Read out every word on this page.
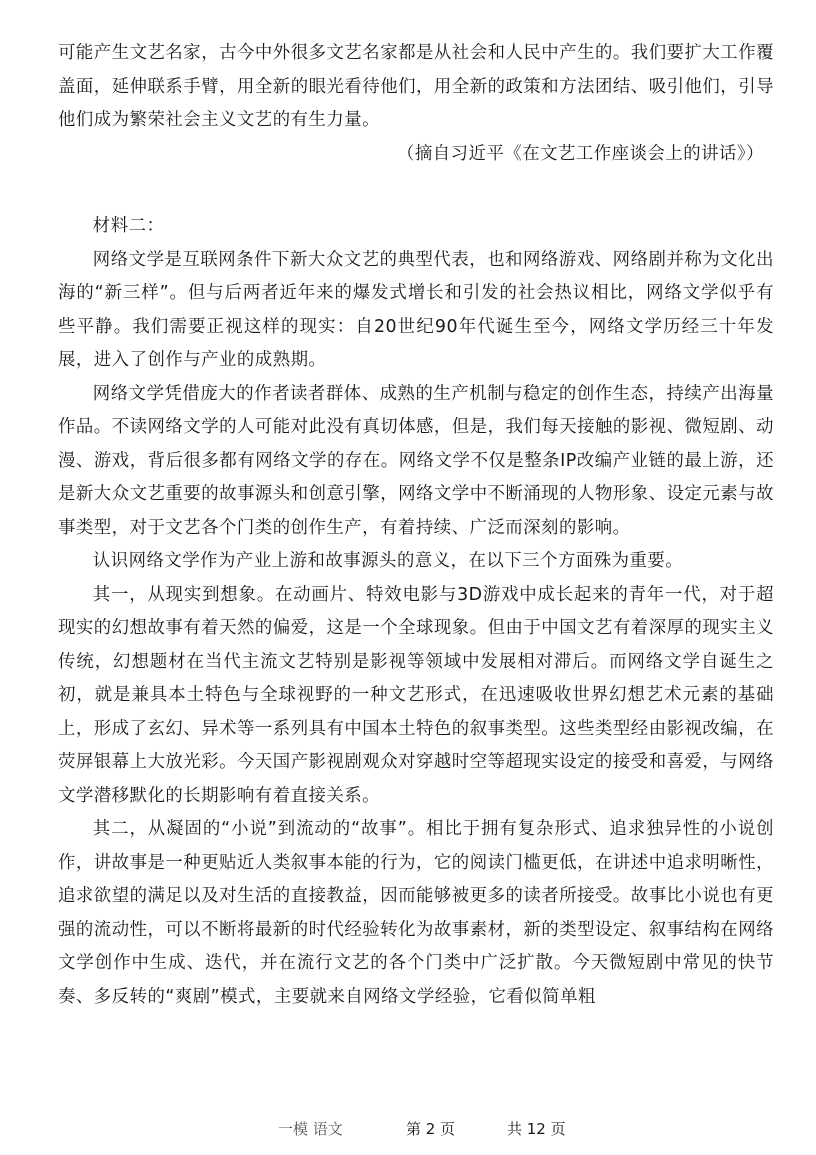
可能产生文艺名家，古今中外很多文艺名家都是从社会和人民中产生的。我们要扩大工作覆盖面，延伸联系手臂，用全新的眼光看待他们，用全新的政策和方法团结、吸引他们，引导他们成为繁荣社会主义文艺的有生力量。

（摘自习近平《在文艺工作座谈会上的讲话》）

材料二：

网络文学是互联网条件下新大众文艺的典型代表，也和网络游戏、网络剧并称为文化出海的“新三样”。但与后两者近年来的爆发式增长和引发的社会热议相比，网络文学似乎有些平静。我们需要正视这样的现实：自20世纪90年代诞生至今，网络文学历经三十年发展，进入了创作与产业的成熟期。

网络文学凭借庞大的作者读者群体、成熟的生产机制与稳定的创作生态，持续产出海量作品。不读网络文学的人可能对此没有真切体感，但是，我们每天接触的影视、微短剧、动漫、游戏，背后很多都有网络文学的存在。网络文学不仅是整条IP改编产业链的最上游，还是新大众文艺重要的故事源头和创意引擎，网络文学中不断涌现的人物形象、设定元素与故事类型，对于文艺各个门类的创作生产，有着持续、广泛而深刻的影响。

认识网络文学作为产业上游和故事源头的意义，在以下三个方面殊为重要。

其一，从现实到想象。在动画片、特效电影与3D游戏中成长起来的青年一代，对于超现实的幻想故事有着天然的偏爱，这是一个全球现象。但由于中国文艺有着深厚的现实主义传统，幻想题材在当代主流文艺特别是影视等领域中发展相对滞后。而网络文学自诞生之初，就是兼具本土特色与全球视野的一种文艺形式，在迅速吸收世界幻想艺术元素的基础上，形成了玄幻、异术等一系列具有中国本土特色的叙事类型。这些类型经由影视改编，在荧屏银幕上大放光彩。今天国产影视剧观众对穿越时空等超现实设定的接受和喜爱，与网络文学潜移默化的长期影响有着直接关系。

其二，从凝固的“小说”到流动的“故事”。相比于拥有复杂形式、追求独异性的小说创作，讲故事是一种更贴近人类叙事本能的行为，它的阅读门槛更低，在讲述中追求明晰性，追求欲望的满足以及对生活的直接教益，因而能够被更多的读者所接受。故事比小说也有更强的流动性，可以不断将最新的时代经验转化为故事素材，新的类型设定、叙事结构在网络文学创作中生成、迭代，并在流行文艺的各个门类中广泛扩散。今天微短剧中常见的快节奏、多反转的“爽剧”模式，主要就来自网络文学经验，它看似简单粗

一模 语文	第 2 页	共 12 页
